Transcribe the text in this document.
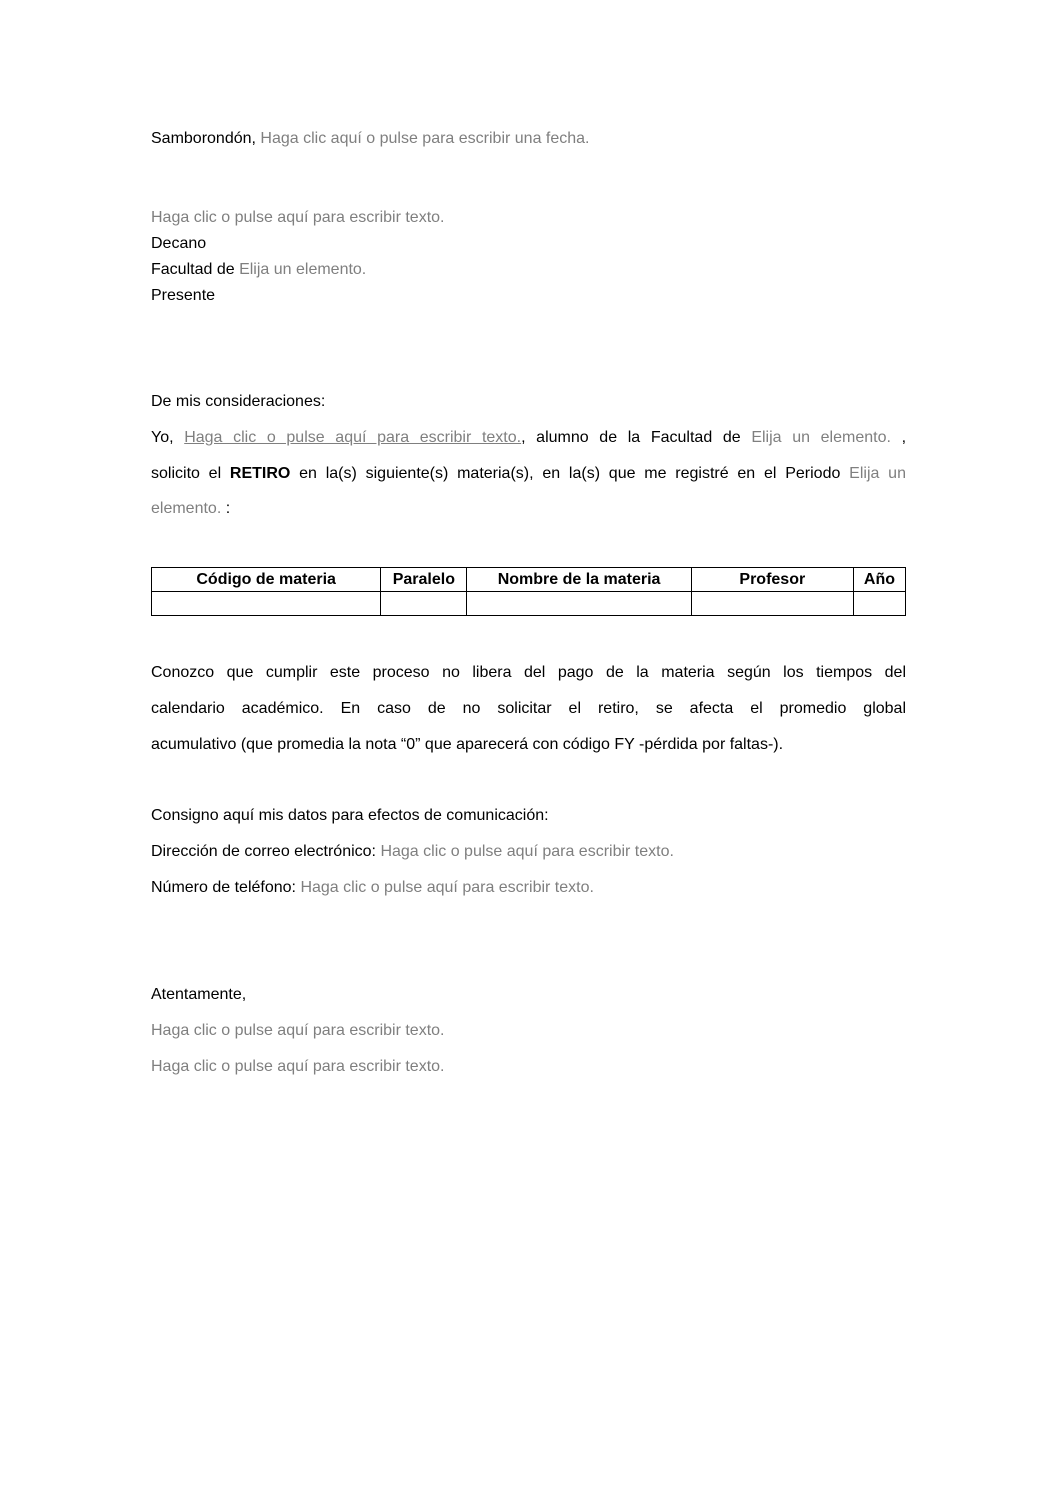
Samborondón, Haga clic aquí o pulse para escribir una fecha.
Haga clic o pulse aquí para escribir texto.
Decano
Facultad de Elija un elemento.
Presente
De mis consideraciones:
Yo, Haga clic o pulse aquí para escribir texto., alumno de la Facultad de Elija un elemento. ,
solicito el RETIRO en la(s) siguiente(s) materia(s), en la(s) que me registré en el Periodo Elija un
elemento. :
Código de materia	Paralelo	Nombre de la materia	Profesor	Año

Conozco que cumplir este proceso no libera del pago de la materia según los tiempos del
calendario académico. En caso de no solicitar el retiro, se afecta el promedio global
acumulativo (que promedia la nota “0” que aparecerá con código FY -pérdida por faltas-).
Consigno aquí mis datos para efectos de comunicación:
Dirección de correo electrónico: Haga clic o pulse aquí para escribir texto.
Número de teléfono: Haga clic o pulse aquí para escribir texto.
Atentamente,
Haga clic o pulse aquí para escribir texto.
Haga clic o pulse aquí para escribir texto.
